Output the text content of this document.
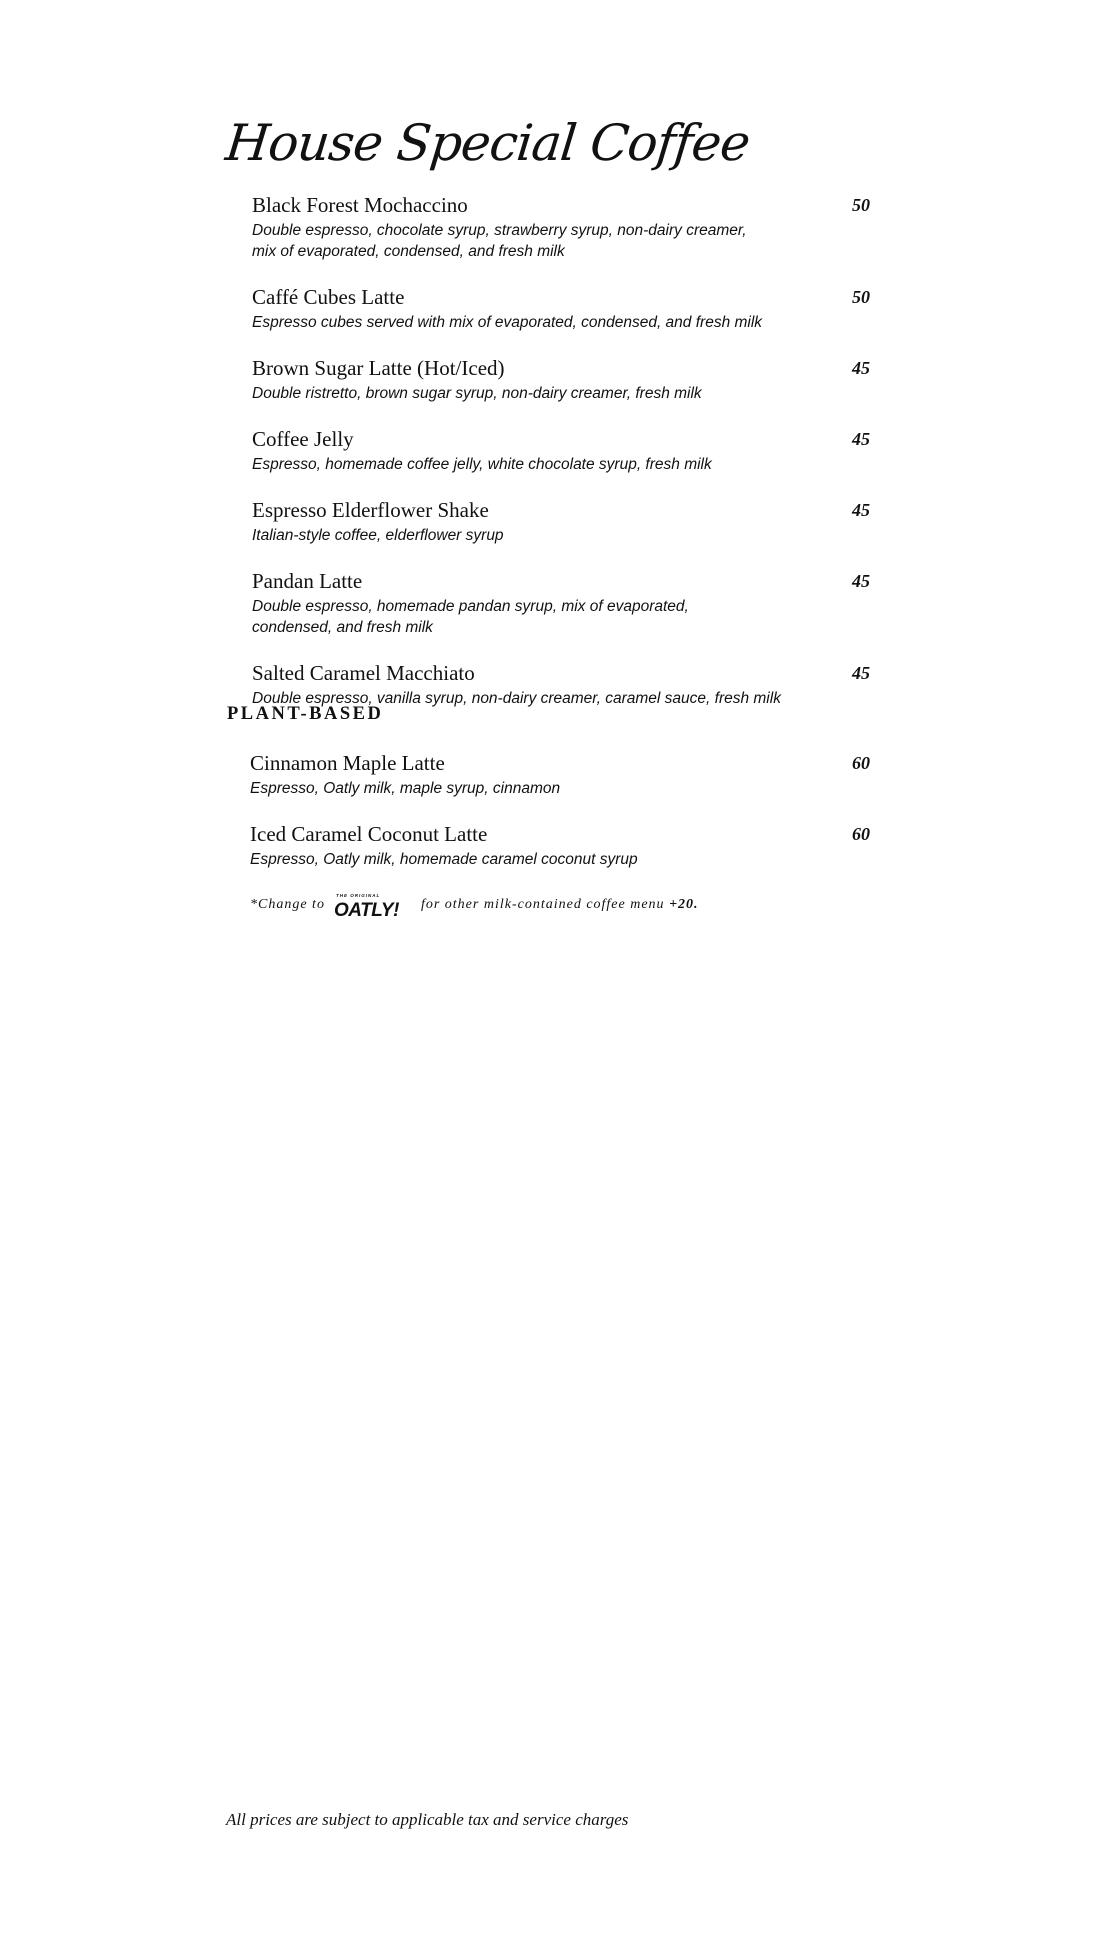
House Special Coffee
Black Forest Mochaccino
Double espresso, chocolate syrup, strawberry syrup, non-dairy creamer,
mix of evaporated, condensed, and fresh milk
50
Caffé Cubes Latte
Espresso cubes served with mix of evaporated, condensed, and fresh milk
50
Brown Sugar Latte (Hot/Iced)
Double ristretto, brown sugar syrup, non-dairy creamer, fresh milk
45
Coffee Jelly
Espresso, homemade coffee jelly, white chocolate syrup, fresh milk
45
Espresso Elderflower Shake
Italian-style coffee, elderflower syrup
45
Pandan Latte
Double espresso, homemade pandan syrup, mix of evaporated,
condensed, and fresh milk
45
Salted Caramel Macchiato
Double espresso, vanilla syrup, non-dairy creamer, caramel sauce, fresh milk
45
PLANT-BASED
Cinnamon Maple Latte
Espresso, Oatly milk, maple syrup, cinnamon
60
Iced Caramel Coconut Latte
Espresso, Oatly milk, homemade caramel coconut syrup
60
*Change to
THE ORIGINAL
OATLY! for other milk-contained coffee menu
+20.
All prices are subject to applicable tax and service charges
